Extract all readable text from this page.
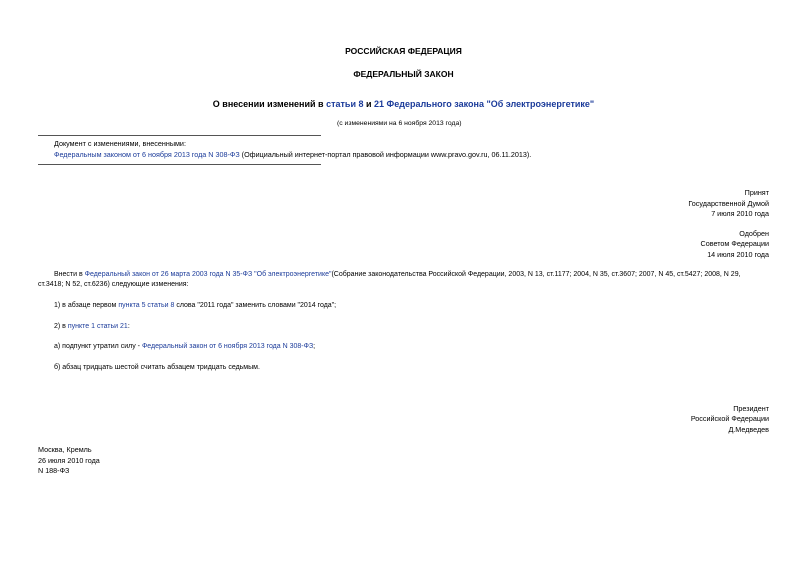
РОССИЙСКАЯ ФЕДЕРАЦИЯ
ФЕДЕРАЛЬНЫЙ ЗАКОН
О внесении изменений в статьи 8 и 21 Федерального закона "Об электроэнергетике"
(с изменениями на 6 ноября 2013 года)
Документ с изменениями, внесенными:
Федеральным законом от 6 ноября 2013 года N 308-ФЗ (Официальный интернет-портал правовой информации www.pravo.gov.ru, 06.11.2013).
Принят
Государственной Думой
7 июля 2010 года
Одобрен
Советом Федерации
14 июля 2010 года
Внести в Федеральный закон от 26 марта 2003 года N 35-ФЗ "Об электроэнергетике"(Собрание законодательства Российской Федерации, 2003, N 13, ст.1177; 2004, N 35, ст.3607; 2007, N 45, ст.5427; 2008, N 29,
ст.3418; N 52, ст.6236) следующие изменения:
1) в абзаце первом пункта 5 статьи 8 слова "2011 года" заменить словами "2014 года";
2) в пункте 1 статьи 21:
а) подпункт утратил силу - Федеральный закон от 6 ноября 2013 года N 308-ФЗ;
б) абзац тридцать шестой считать абзацем тридцать седьмым.
Президент
Российской Федерации
Д.Медведев
Москва, Кремль
26 июля 2010 года
N 188-ФЗ
